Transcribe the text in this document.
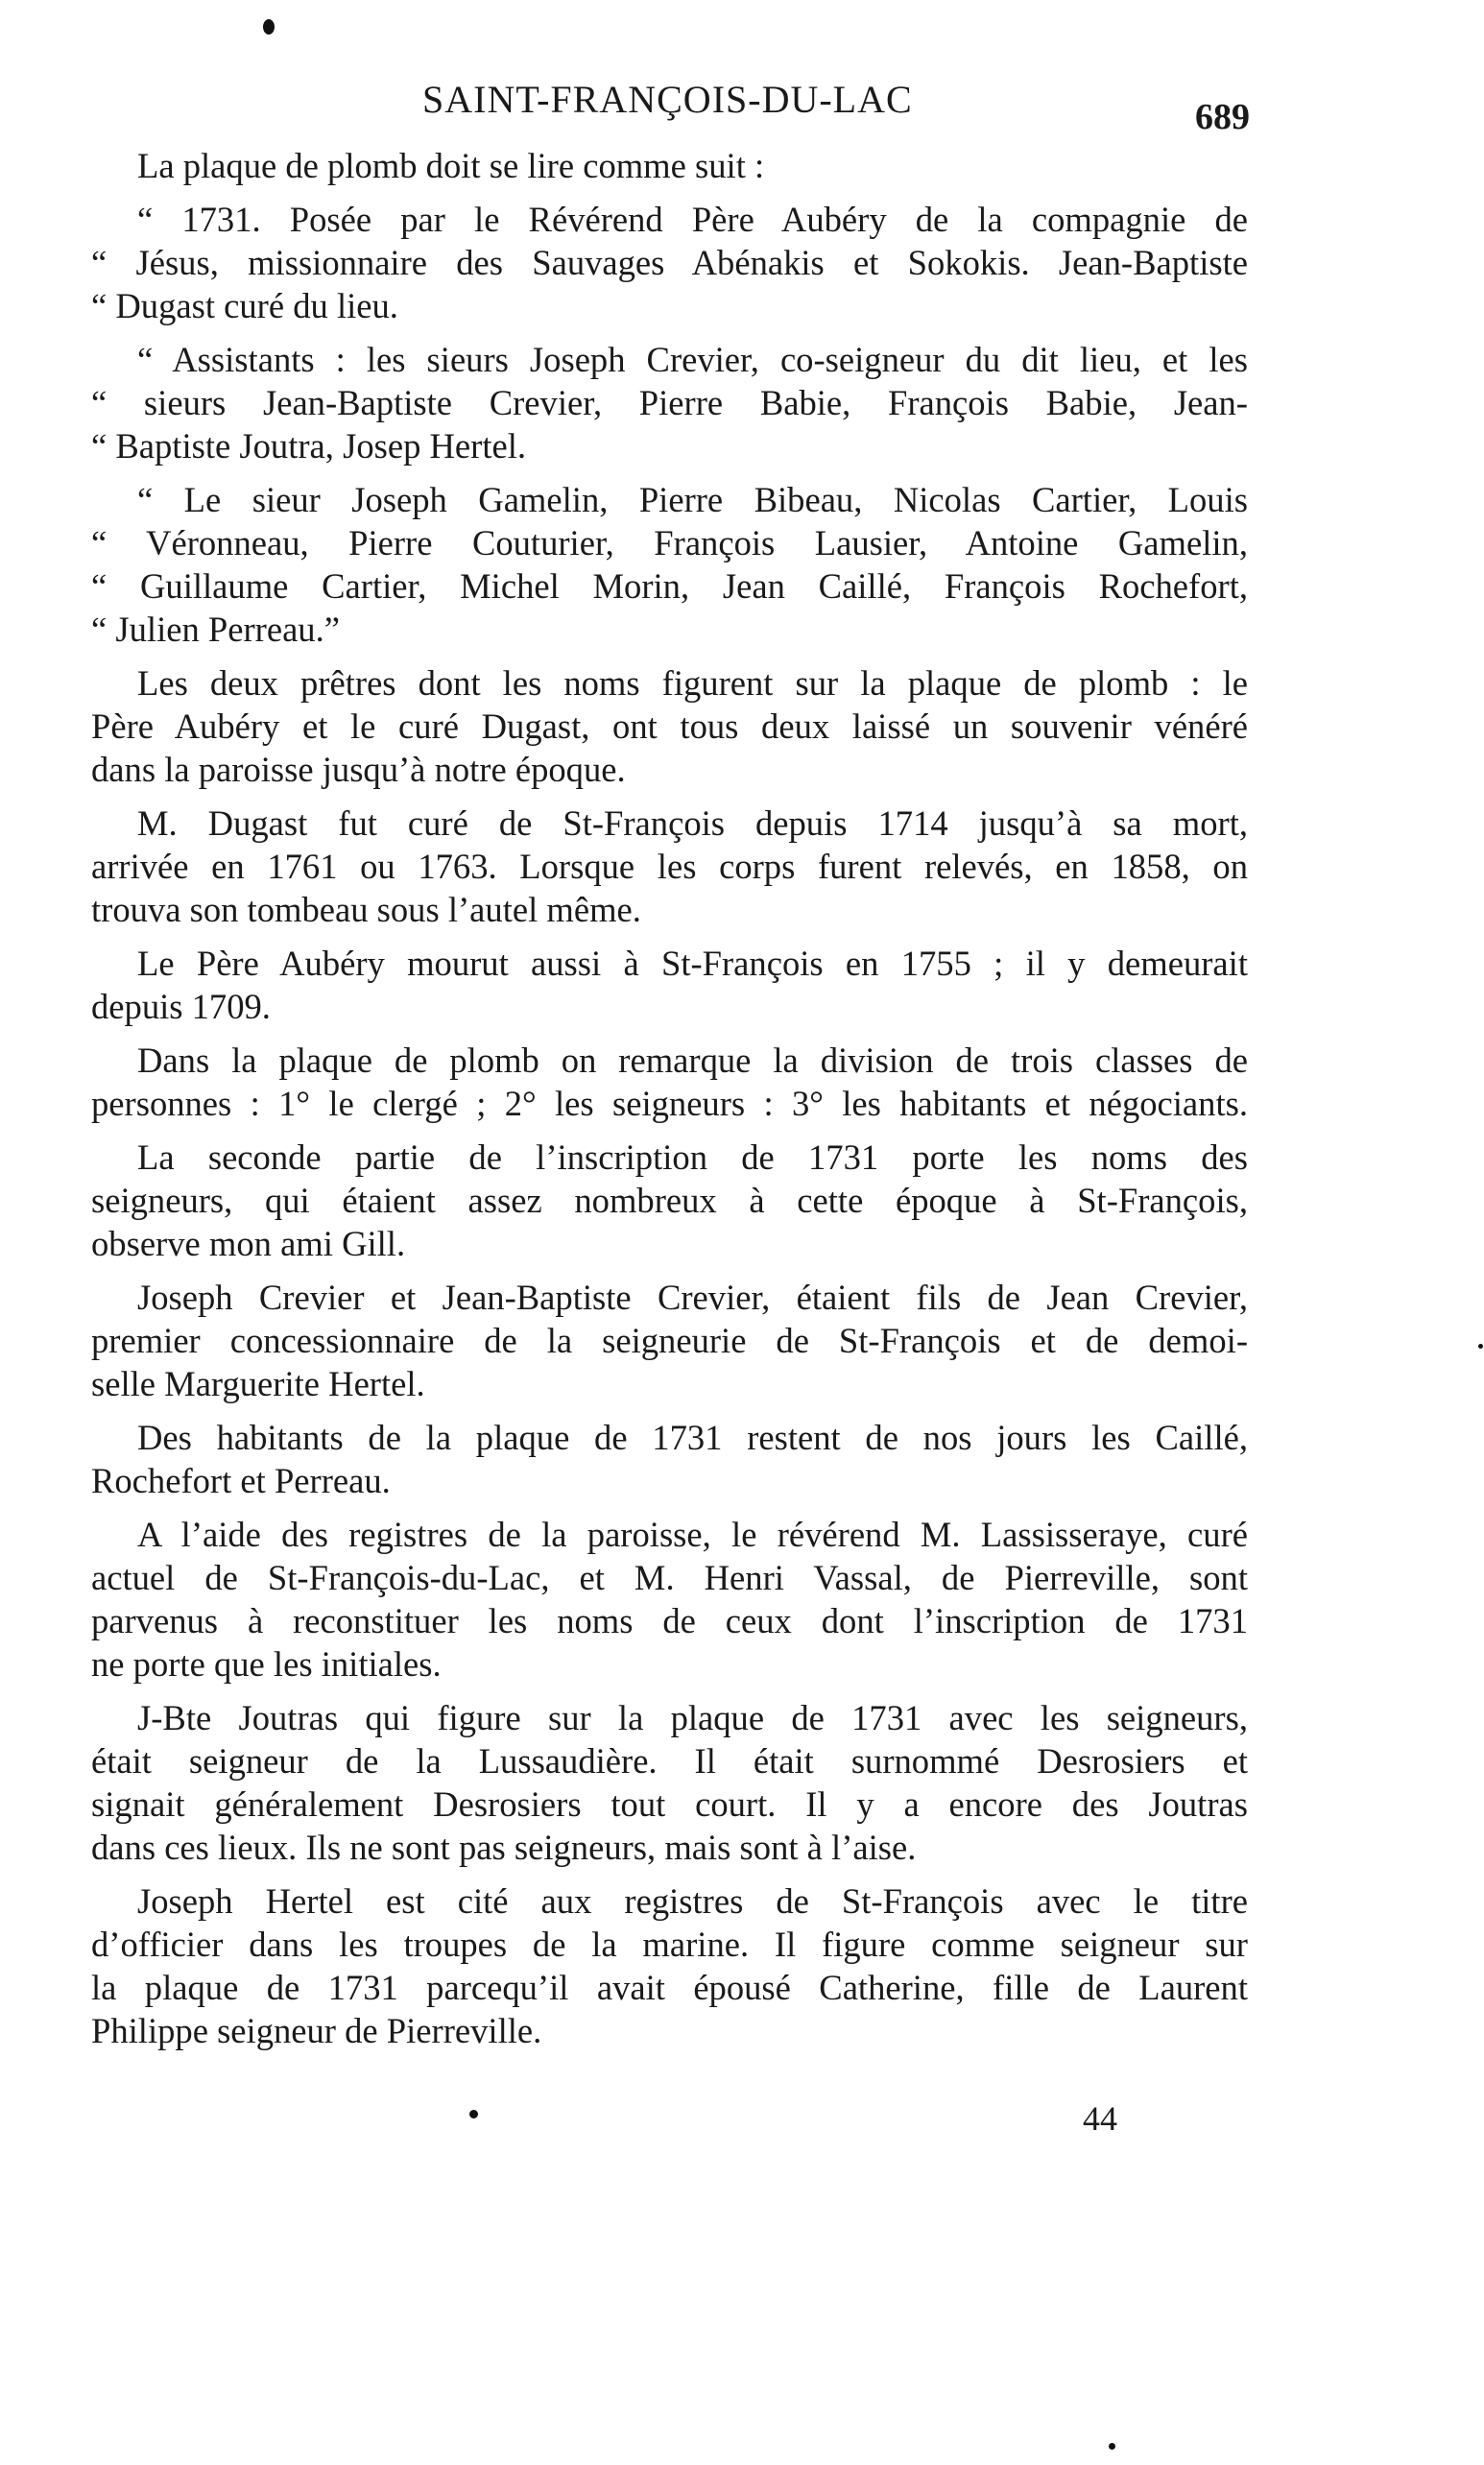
SAINT-FRANÇOIS-DU-LAC	689
La plaque de plomb doit se lire comme suit :
“ 1731. Posée par le Révérend Père Aubéry de la compagnie de
“ Jésus, missionnaire des Sauvages Abénakis et Sokokis. Jean-Baptiste
“ Dugast curé du lieu.
“ Assistants : les sieurs Joseph Crevier, co-seigneur du dit lieu, et les
“ sieurs Jean-Baptiste Crevier, Pierre Babie, François Babie, Jean-
“ Baptiste Joutra, Josep Hertel.
“ Le sieur Joseph Gamelin, Pierre Bibeau, Nicolas Cartier, Louis
“ Véronneau, Pierre Couturier, François Lausier, Antoine Gamelin,
“ Guillaume Cartier, Michel Morin, Jean Caillé, François Rochefort,
“ Julien Perreau.”
Les deux prêtres dont les noms figurent sur la plaque de plomb : le
Père Aubéry et le curé Dugast, ont tous deux laissé un souvenir vénéré
dans la paroisse jusqu’à notre époque.
M. Dugast fut curé de St-François depuis 1714 jusqu’à sa mort,
arrivée en 1761 ou 1763. Lorsque les corps furent relevés, en 1858, on
trouva son tombeau sous l’autel même.
Le Père Aubéry mourut aussi à St-François en 1755 ; il y demeurait
depuis 1709.
Dans la plaque de plomb on remarque la division de trois classes de
personnes : 1° le clergé ; 2° les seigneurs : 3° les habitants et négociants.
La seconde partie de l’inscription de 1731 porte les noms des
seigneurs, qui étaient assez nombreux à cette époque à St-François,
observe mon ami Gill.
Joseph Crevier et Jean-Baptiste Crevier, étaient fils de Jean Crevier,
premier concessionnaire de la seigneurie de St-François et de demoi-
selle Marguerite Hertel.
Des habitants de la plaque de 1731 restent de nos jours les Caillé,
Rochefort et Perreau.
A l’aide des registres de la paroisse, le révérend M. Lassisseraye, curé
actuel de St-François-du-Lac, et M. Henri Vassal, de Pierreville, sont
parvenus à reconstituer les noms de ceux dont l’inscription de 1731
ne porte que les initiales.
J-Bte Joutras qui figure sur la plaque de 1731 avec les seigneurs,
était seigneur de la Lussaudière. Il était surnommé Desrosiers et
signait généralement Desrosiers tout court. Il y a encore des Joutras
dans ces lieux. Ils ne sont pas seigneurs, mais sont à l’aise.
Joseph Hertel est cité aux registres de St-François avec le titre
d’officier dans les troupes de la marine. Il figure comme seigneur sur
la plaque de 1731 parcequ’il avait épousé Catherine, fille de Laurent
Philippe seigneur de Pierreville.
44
